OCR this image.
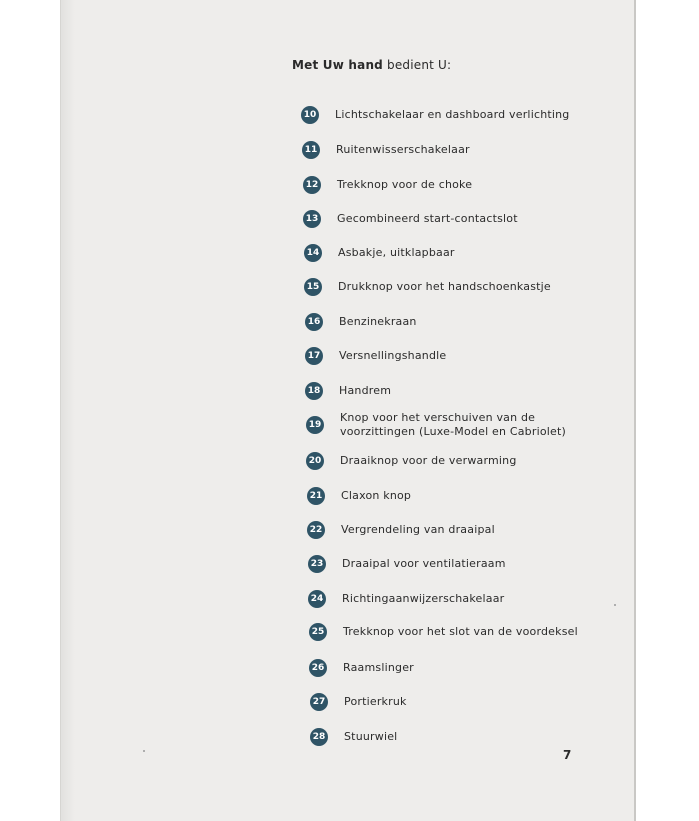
Met Uw hand bedient U:
10 Lichtschakelaar en dashboard verlichting
11 Ruitenwisserschakelaar
12 Trekknop voor de choke
13 Gecombineerd start-contactslot
14 Asbakje, uitklapbaar
15 Drukknop voor het handschoenkastje
16 Benzinekraan
17 Versnellingshandle
18 Handrem
19
Knop voor het verschuiven van de
voorzittingen (Luxe-Model en Cabriolet)
20 Draaiknop voor de verwarming
21 Claxon knop
22 Vergrendeling van draaipal
23 Draaipal voor ventilatieraam
24 Richtingaanwijzerschakelaar
25 Trekknop voor het slot van de voordeksel
26 Raamslinger
27 Portierkruk
28 Stuurwiel
7
